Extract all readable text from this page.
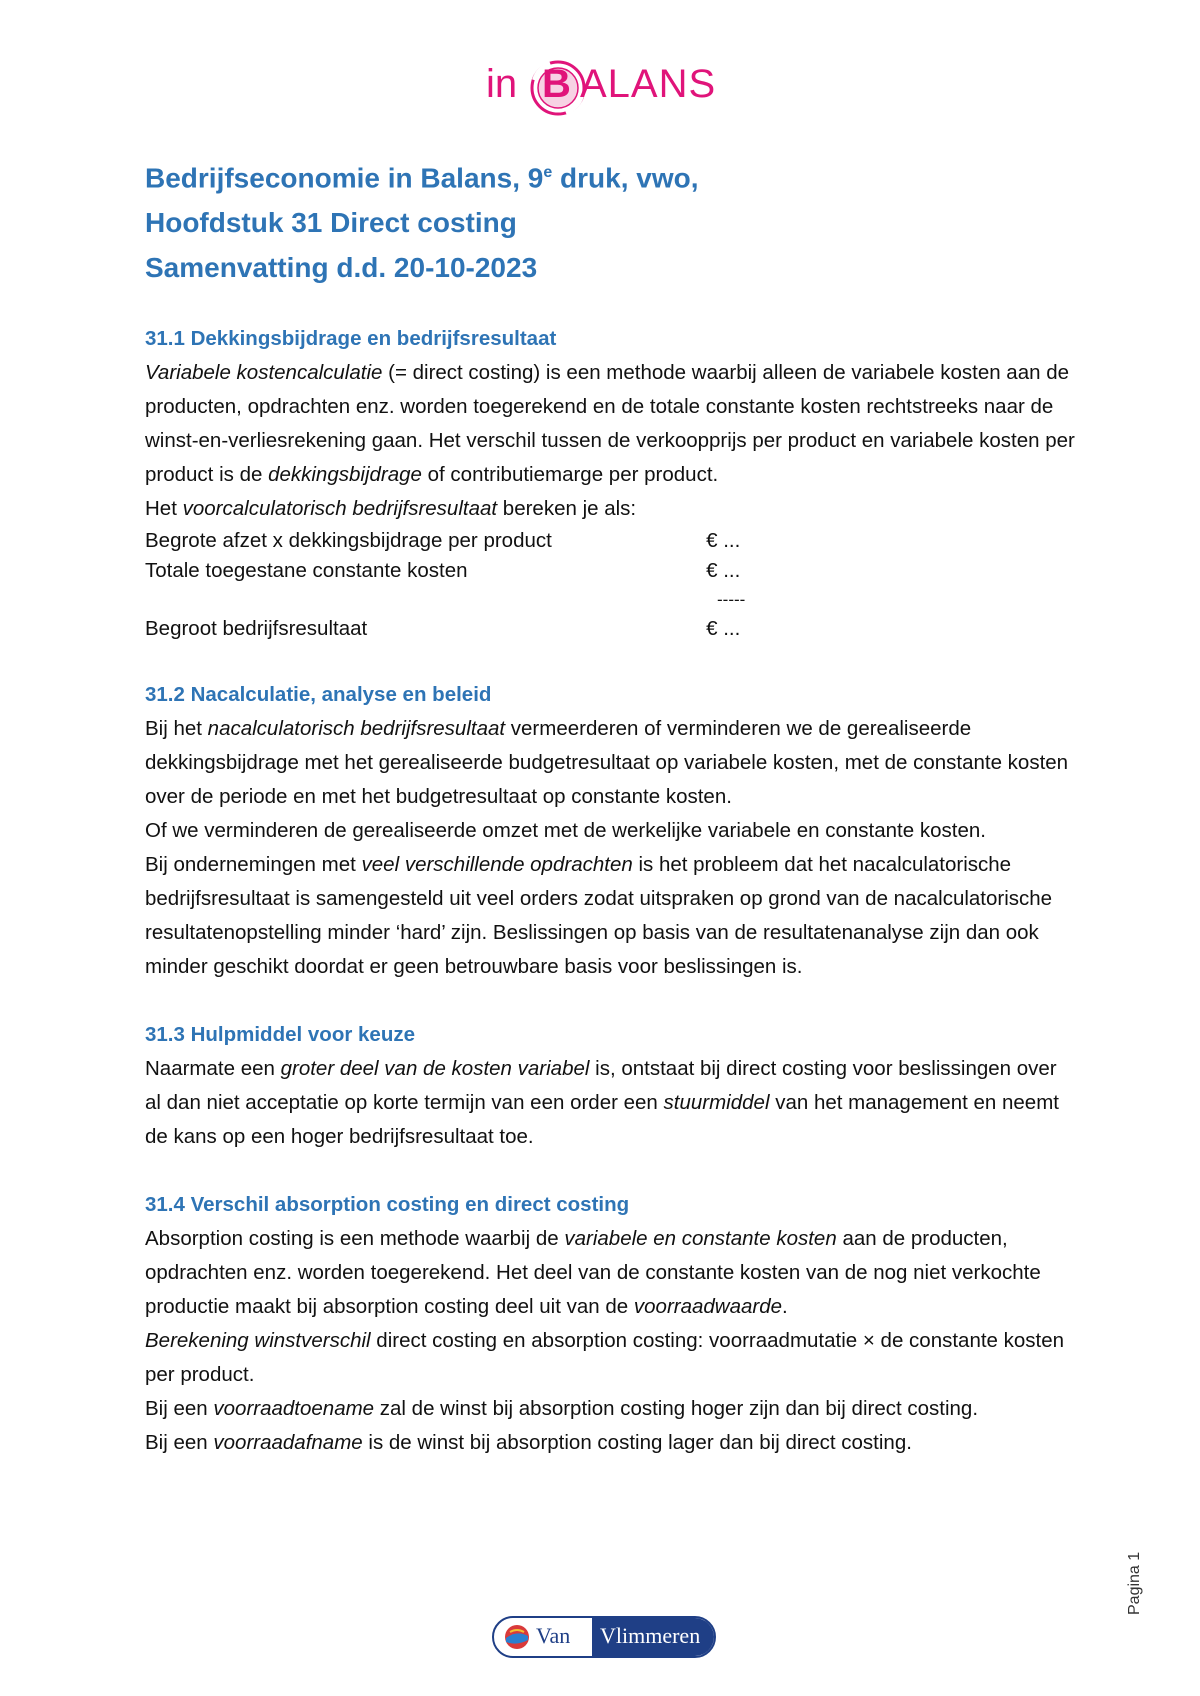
in B ALANS

Bedrijfseconomie in Balans, 9e druk, vwo,

Hoofdstuk 31 Direct costing

Samenvatting d.d. 20-10-2023

31.1 Dekkingsbijdrage en bedrijfsresultaat

Variabele kostencalculatie (= direct costing) is een methode waarbij alleen de variabele kosten aan de producten, opdrachten enz. worden toegerekend en de totale constante kosten rechtstreeks naar de winst-en-verliesrekening gaan. Het verschil tussen de verkoopprijs per product en variabele kosten per product is de dekkingsbijdrage of contributiemarge per product.

Het voorcalculatorisch bedrijfsresultaat bereken je als:

Begrote afzet x dekkingsbijdrage per product	€ ...
Totale toegestane constante kosten	€ ...
-----
Begroot bedrijfsresultaat	€ ...
31.2 Nacalculatie, analyse en beleid

Bij het nacalculatorisch bedrijfsresultaat vermeerderen of verminderen we de gerealiseerde dekkingsbijdrage met het gerealiseerde budgetresultaat op variabele kosten, met de constante kosten over de periode en met het budgetresultaat op constante kosten.

Of we verminderen de gerealiseerde omzet met de werkelijke variabele en constante kosten.

Bij ondernemingen met veel verschillende opdrachten is het probleem dat het nacalculatorische bedrijfsresultaat is samengesteld uit veel orders zodat uitspraken op grond van de nacalculatorische resultatenopstelling minder ‘hard’ zijn. Beslissingen op basis van de resultatenanalyse zijn dan ook minder geschikt doordat er geen betrouwbare basis voor beslissingen is.

31.3 Hulpmiddel voor keuze

Naarmate een groter deel van de kosten variabel is, ontstaat bij direct costing voor beslissingen over al dan niet acceptatie op korte termijn van een order een stuurmiddel van het management en neemt de kans op een hoger bedrijfsresultaat toe.

31.4 Verschil absorption costing en direct costing

Absorption costing is een methode waarbij de variabele en constante kosten aan de producten, opdrachten enz. worden toegerekend. Het deel van de constante kosten van de nog niet verkochte productie maakt bij absorption costing deel uit van de voorraadwaarde.

Berekening winstverschil direct costing en absorption costing: voorraadmutatie × de constante kosten per product.

Bij een voorraadtoename zal de winst bij absorption costing hoger zijn dan bij direct costing.

Bij een voorraadafname is de winst bij absorption costing lager dan bij direct costing.

Pagina 1
Van Vlimmeren
